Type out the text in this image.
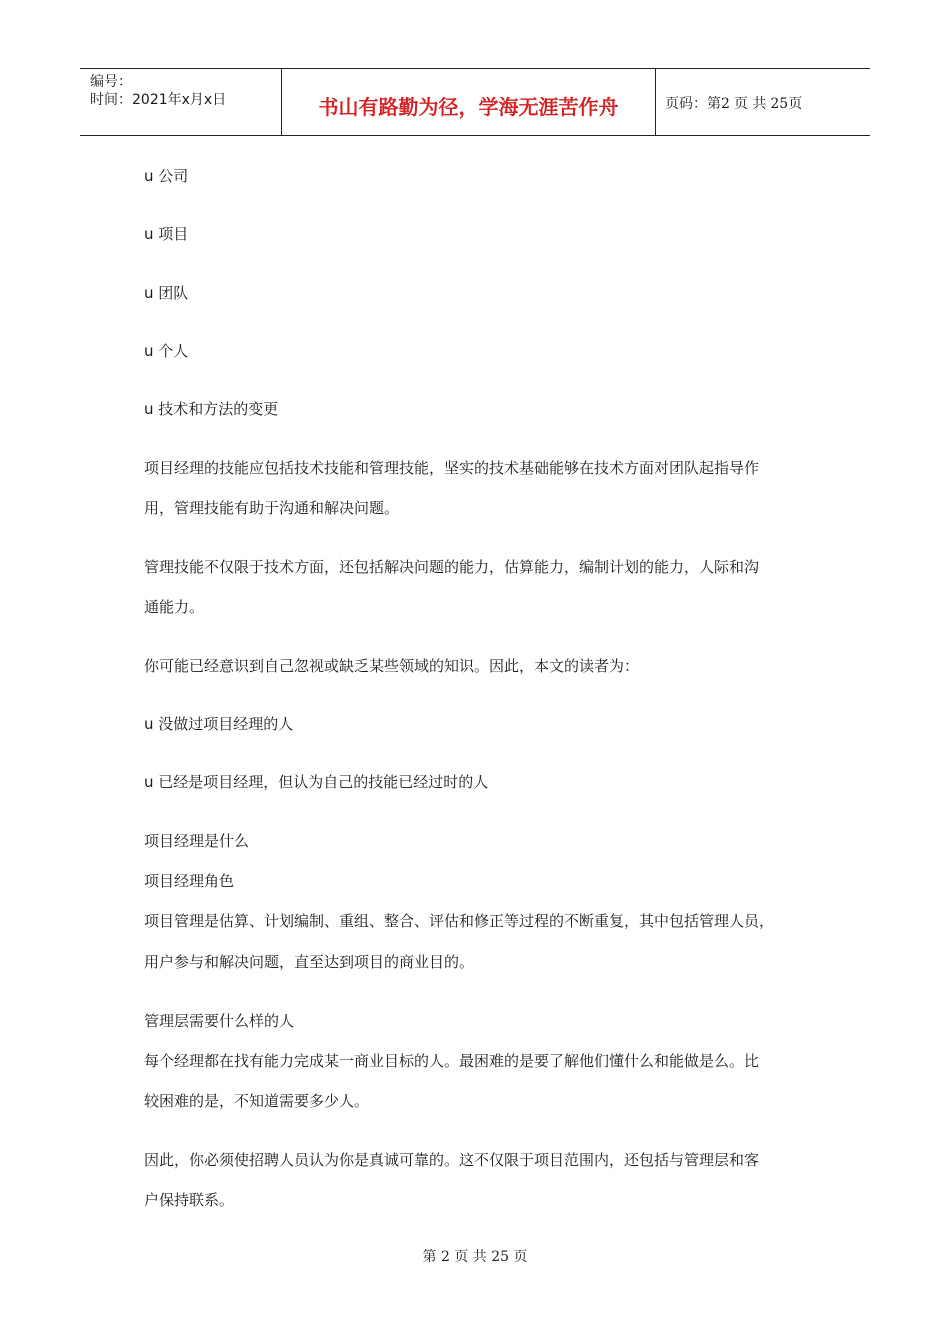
编号：
时间：2021年x月x日	书山有路勤为径，学海无涯苦作舟	页码：第2 页 共 25页
u 公司
u 项目
u 团队
u 个人
u 技术和方法的变更
项目经理的技能应包括技术技能和管理技能，坚实的技术基础能够在技术方面对团队起指导作
用，管理技能有助于沟通和解决问题。
管理技能不仅限于技术方面，还包括解决问题的能力，估算能力，编制计划的能力，人际和沟
通能力。
你可能已经意识到自己忽视或缺乏某些领域的知识。因此，本文的读者为：
u 没做过项目经理的人
u 已经是项目经理，但认为自己的技能已经过时的人
项目经理是什么
项目经理角色
项目管理是估算、计划编制、重组、整合、评估和修正等过程的不断重复，其中包括管理人员，
用户参与和解决问题，直至达到项目的商业目的。
管理层需要什么样的人
每个经理都在找有能力完成某一商业目标的人。最困难的是要了解他们懂什么和能做是么。比
较困难的是，不知道需要多少人。
因此，你必须使招聘人员认为你是真诚可靠的。这不仅限于项目范围内，还包括与管理层和客
户保持联系。
第 2 页 共 25 页
